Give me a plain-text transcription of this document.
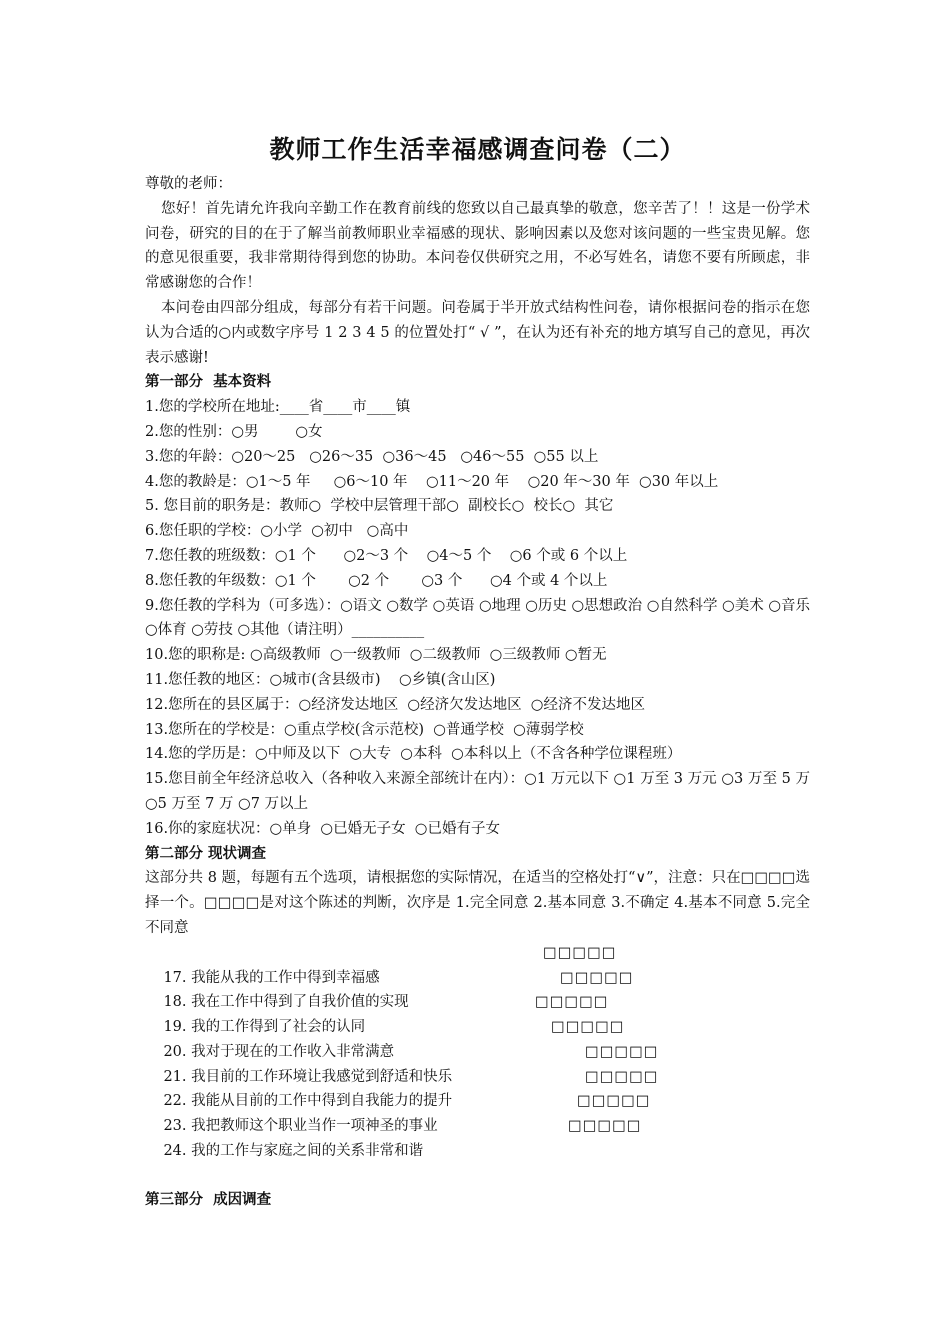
教师工作生活幸福感调查问卷（二）
尊敬的老师：
您好！首先请允许我向辛勤工作在教育前线的您致以自己最真挚的敬意，您辛苦了！！这是一份学术问卷，研究的目的在于了解当前教师职业幸福感的现状、影响因素以及您对该问题的一些宝贵见解。您的意见很重要，我非常期待得到您的协助。本问卷仅供研究之用，不必写姓名，请您不要有所顾虑，非常感谢您的合作！
本问卷由四部分组成，每部分有若干问题。问卷属于半开放式结构性问卷，请你根据问卷的指示在您认为合适的○内或数字序号 1 2 3 4 5 的位置处打“ √ ”，在认为还有补充的地方填写自己的意见，再次表示感谢!
第一部分  基本资料
1.您的学校所在地址:____省____市____镇
2.您的性别：○男        ○女
3.您的年龄：○20～25   ○26～35  ○36～45   ○46～55  ○55 以上
4.您的教龄是：○1～5 年     ○6～10 年    ○11～20 年    ○20 年～30 年  ○30 年以上
5. 您目前的职务是：教师○  学校中层管理干部○  副校长○  校长○  其它
6.您任职的学校：○小学  ○初中   ○高中
7.您任教的班级数：○1 个      ○2～3 个    ○4～5 个    ○6 个或 6 个以上
8.您任教的年级数：○1 个       ○2 个       ○3 个      ○4 个或 4 个以上
9.您任教的学科为（可多选）：○语文 ○数学 ○英语 ○地理 ○历史 ○思想政治 ○自然科学 ○美术 ○音乐 ○体育 ○劳技 ○其他（请注明）__________
10.您的职称是: ○高级教师  ○一级教师  ○二级教师  ○三级教师 ○暂无
11.您任教的地区：○城市(含县级市)    ○乡镇(含山区)
12.您所在的县区属于：○经济发达地区  ○经济欠发达地区  ○经济不发达地区
13.您所在的学校是：○重点学校(含示范校)  ○普通学校  ○薄弱学校
14.您的学历是：○中师及以下  ○大专  ○本科  ○本科以上（不含各种学位课程班）
15.您目前全年经济总收入（各种收入来源全部统计在内）：○1 万元以下 ○1 万至 3 万元 ○3 万至 5 万 ○5 万至 7 万 ○7 万以上
16.你的家庭状况：○单身  ○已婚无子女  ○已婚有子女
第二部分 现状调查
这部分共 8 题，每题有五个选项，请根据您的实际情况，在适当的空格处打“∨”，注意：只在□□□□选择一个。□□□□是对这个陈述的判断，次序是 1.完全同意 2.基本同意 3.不确定 4.基本不同意 5.完全不同意

17. 我能从我的工作中得到幸福感

□□□□□

18. 我在工作中得到了自我价值的实现

□□□□□

19. 我的工作得到了社会的认同

□□□□□

20. 我对于现在的工作收入非常满意

□□□□□

21. 我目前的工作环境让我感觉到舒适和快乐

□□□□□

22. 我能从目前的工作中得到自我能力的提升

□□□□□

23. 我把教师这个职业当作一项神圣的事业

□□□□□

24. 我的工作与家庭之间的关系非常和谐

□□□□□

第三部分  成因调查
